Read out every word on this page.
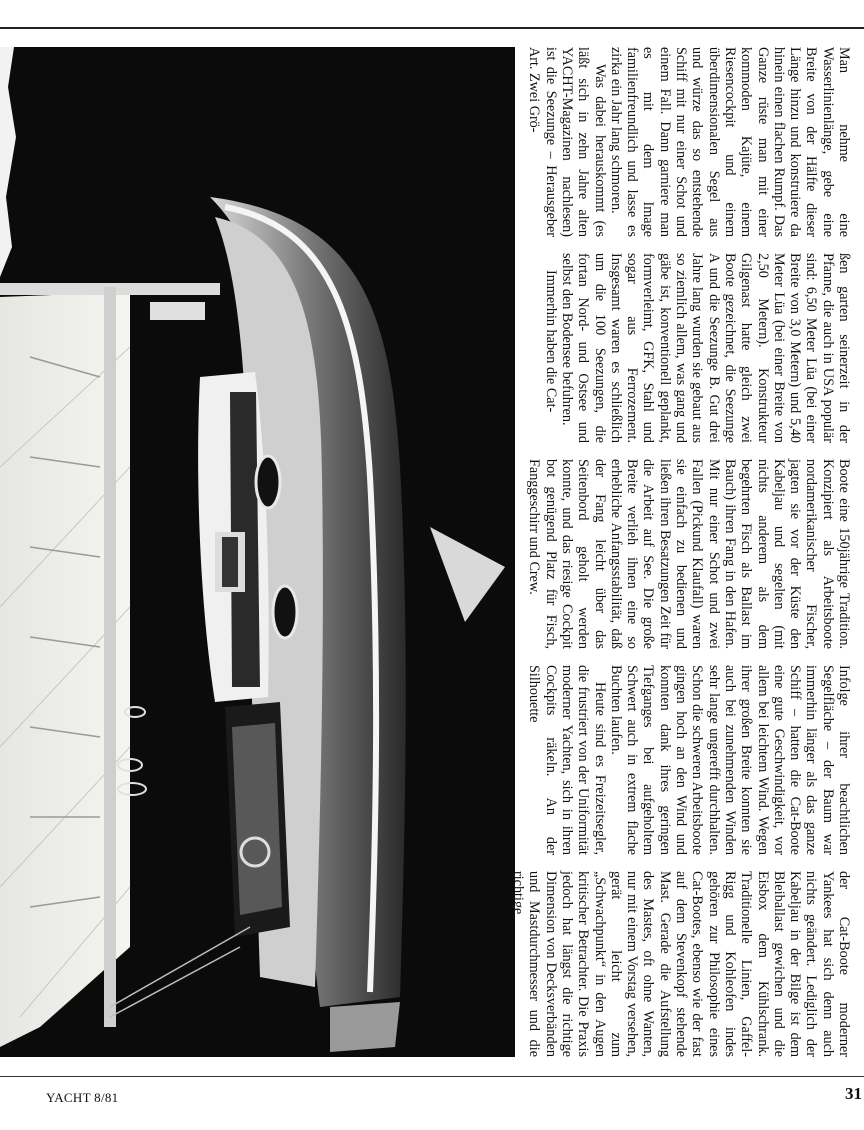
Man nehme eine Wasserlinienlänge, gebe eine Breite von der Hälfte dieser Länge hinzu und konstruiere da hinein einen flachen Rumpf. Das Ganze rüste man mit einer kommoden Kajüte, einem Riesencockpit und einem überdimensionalen Segel aus und würze das so entstehende Schiff mit nur einer Schot und einem Fall. Dann garniere man es mit dem Image familienfreundlich und lasse es zirka ein Jahr lang schmoren.

Was dabei herauskommt (es läßt sich in zehn Jahre alten YACHT-Magazinen nachlesen) ist die Seezunge – Herausgeber Art. Zwei Grö-

ßen garten seinerzeit in der Pfanne, die auch in USA populär sind: 6,50 Meter Lüa (bei einer Breite von 3,0 Metern) und 5,40 Meter Lüa (bei einer Breite von 2,50 Metern). Konstrukteur Gilgenast hatte gleich zwei Boote gezeichnet, die Seezunge A und die Seezunge B. Gut drei Jahre lang wurden sie gebaut aus so ziemlich allem, was gang und gäbe ist, konventionell geplankt, formverleimt, GFK, Stahl und sogar aus Ferrozement. Insgesamt waren es schließlich um die 100 Seezungen, die fortan Nord- und Ostsee und selbst den Bodensee befuhren.

Immerhin haben die Cat-

Boote eine 150jährige Tradition. Konzipiert als Arbeitsboote nordamerikanischer Fischer, jagten sie vor der Küste den Kabeljau und segelten (mit nichts anderem als dem begehrten Fisch als Ballast im Bauch) ihren Fang in den Hafen. Mit nur einer Schot und zwei Fallen (Pickund Klaufall) waren sie einfach zu bedienen und ließen ihren Besatzungen Zeit für die Arbeit auf See. Die große Breite verlieh ihnen eine so erhebliche Anfangsstabilität, daß der Fang leicht über das Seitenbord geholt werden konnte, und das riesige Cockpit bot genügend Platz für Fisch, Fanggeschirr und Crew.

Infolge ihrer beachtlichen Segelfläche – der Baum war immerhin länger als das ganze Schiff – hatten die Cat-Boote eine gute Geschwindigkeit, vor allem bei leichtem Wind. Wegen ihrer großen Breite konnten sie auch bei zunehmenden Winden sehr lange ungerefft durchhalten. Schon die schweren Arbeitsboote gingen hoch an den Wind und konnten dank ihres geringen Tiefganges bei aufgeholtem Schwert auch in extrem flache Buchten laufen.

Heute sind es Freizeitsegler, die frustriert von der Uniformität moderner Yachten, sich in ihren Cockpits räkeln. An der Silhouette

der Cat-Boote moderner Yankees hat sich denn auch nichts geändert. Lediglich der Kabeljau in der Bilge ist dem Bleiballast gewichen und die Eisbox dem Kühlschrank. Traditionelle Linien, Gaffel-Rigg und Kohleofen indes gehören zur Philosophie eines Cat-Bootes, ebenso wie der fast auf dem Stevenkopf stehende Mast. Gerade die Aufstellung des Mastes, oft ohne Wanten, nur mit einem Vorstag versehen, gerät leicht zum „Schwachpunkt“ in den Augen kritischer Betrachter. Die Praxis jedoch hat längst die richtige Dimension von Decksverbänden und Mastdurchmesser und die richtige

YACHT 8/81	31
